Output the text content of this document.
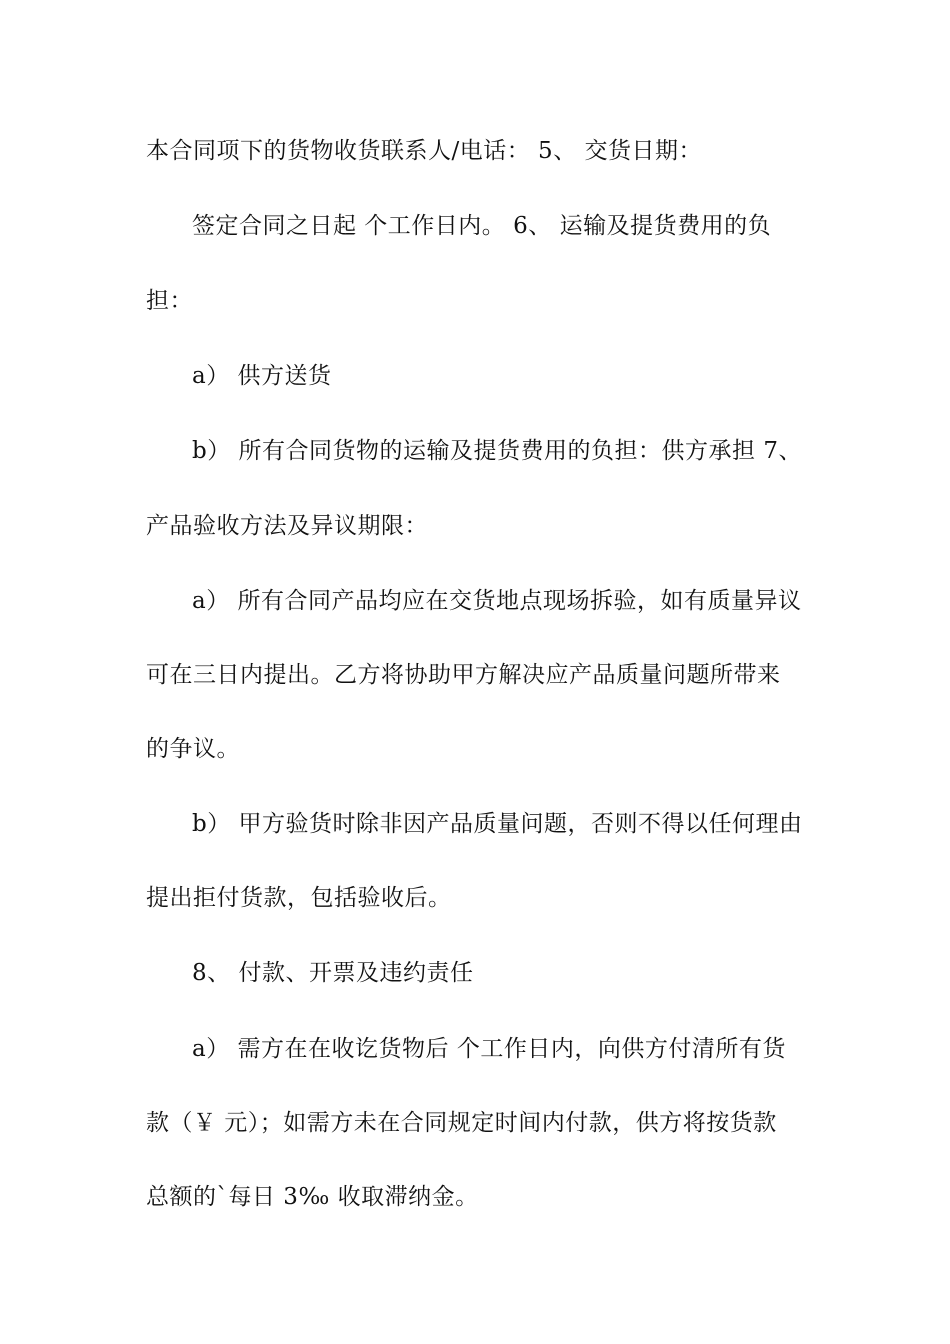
本合同项下的货物收货联系人/电话： 5、 交货日期：
签定合同之日起 个工作日内。 6、 运输及提货费用的负
担：
a） 供方送货
b） 所有合同货物的运输及提货费用的负担：供方承担 7、
产品验收方法及异议期限：
a） 所有合同产品均应在交货地点现场拆验，如有质量异议
可在三日内提出。乙方将协助甲方解决应产品质量问题所带来
的争议。
b） 甲方验货时除非因产品质量问题，否则不得以任何理由
提出拒付货款，包括验收后。
8、 付款、开票及违约责任
a） 需方在在收讫货物后 个工作日内，向供方付清所有货
款（￥ 元）；如需方未在合同规定时间内付款，供方将按货款
总额的`每日 3‰ 收取滞纳金。
